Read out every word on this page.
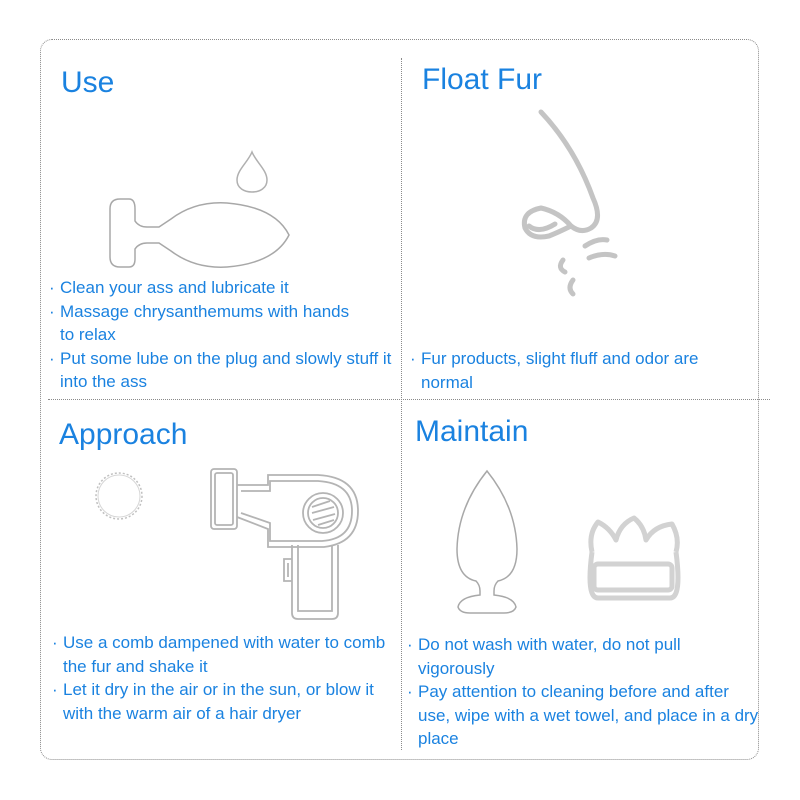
Use
· Clean your ass and lubricate it
· Massage chrysanthemums with hands to relax
· Put some lube on the plug and slowly stuff it into the ass
Float Fur
· Fur products, slight fluff and odor are normal
Approach
· Use a comb dampened with water to comb the fur and shake it
· Let it dry in the air or in the sun, or blow it with the warm air of a hair dryer
Maintain
· Do not wash with water, do not pull vigorously
· Pay attention to cleaning before and after use, wipe with a wet towel, and place in a dry place
